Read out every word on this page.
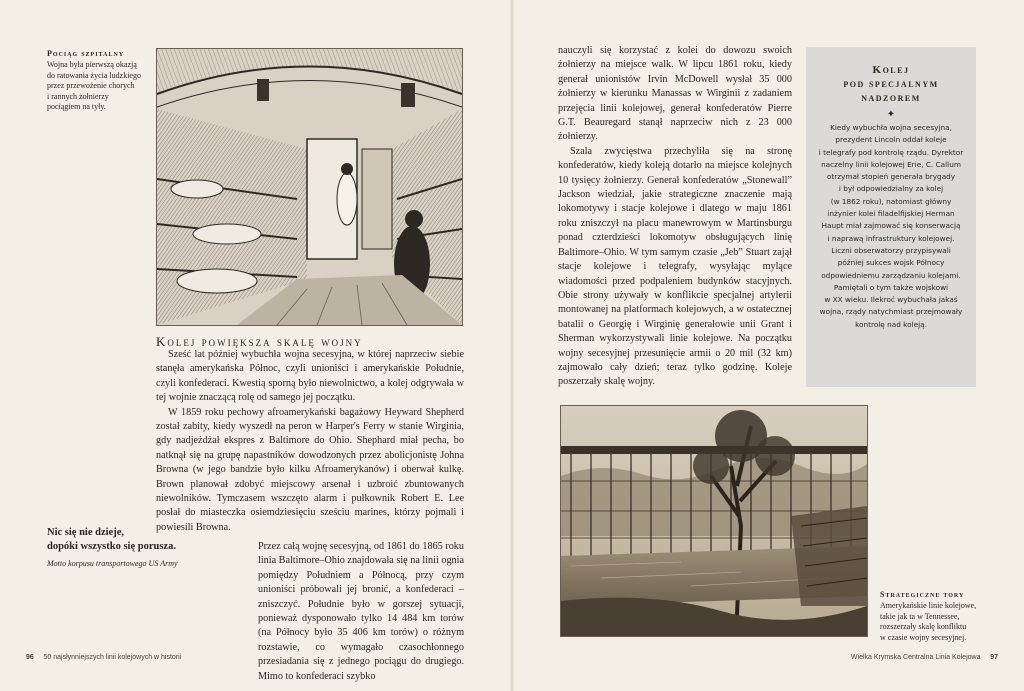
Pociąg szpitalny
Wojna była pierwszą okazją
do ratowania życia ludzkiego
przez przewożenie chorych
i rannych żołnierzy
pociągiem na tyły.
Kolej powiększa skalę wojny

Sześć lat później wybuchła wojna secesyjna, w której naprzeciw siebie stanęła amerykańska Północ, czyli unioniści i amerykańskie Południe, czyli konfederaci. Kwestią sporną było niewolnictwo, a kolej odgrywała w tej wojnie znaczącą rolę od samego jej początku.

W 1859 roku pechowy afroamerykański bagażowy Heyward Shepherd został zabity, kiedy wyszedł na peron w Harper's Ferry w stanie Wirginia, gdy nadjeżdżał ekspres z Baltimore do Ohio. Shephard miał pecha, bo natknął się na grupę napastników dowodzonych przez abolicjonistę Johna Browna (w jego bandzie było kilku Afroamerykanów) i oberwał kulkę. Brown planował zdobyć miejscowy arsenał i uzbroić zbuntowanych niewolników. Tymczasem wszczęto alarm i pułkownik Robert E. Lee posłał do miasteczka osiemdziesięciu sześciu marines, którzy pojmali i powiesili Browna.

Nic się nie dzieje,
dopóki wszystko się porusza.
Motto korpusu transportowego US Army

Przez całą wojnę secesyjną, od 1861 do 1865 roku linia Baltimore–Ohio znajdowała się na linii ognia pomiędzy Południem a Północą, przy czym unioniści próbowali jej bronić, a konfederaci – zniszczyć. Południe było w gorszej sytuacji, ponieważ dysponowało tylko 14 484 km torów (na Północy było 35 406 km torów) o różnym rozstawie, co wymagało czasochłonnego przesiadania się z jednego pociągu do drugiego. Mimo to konfederaci szybko

96 50 najsłynniejszych linii kolejowych w historii

nauczyli się korzystać z kolei do dowozu swoich żołnierzy na miejsce walk. W lipcu 1861 roku, kiedy generał unionistów Irvin McDowell wysłał 35 000 żołnierzy w kierunku Manassas w Wirginii z zadaniem przejęcia linii kolejowej, generał konfederatów Pierre G.T. Beauregard stanął naprzeciw nich z 23 000 żołnierzy.

Szala zwycięstwa przechyliła się na stronę konfederatów, kiedy koleją dotarło na miejsce kolejnych 10 tysięcy żołnierzy. Generał konfederatów „Stonewall” Jackson wiedział, jakie strategiczne znaczenie mają lokomotywy i stacje kolejowe i dlatego w maju 1861 roku zniszczył na placu manewrowym w Martinsburgu ponad czterdzieści lokomotyw obsługujących linię Baltimore–Ohio. W tym samym czasie „Jeb” Stuart zajął stacje kolejowe i telegrafy, wysyłając mylące wiadomości przed podpaleniem budynków stacyjnych. Obie strony używały w konflikcie specjalnej artylerii montowanej na platformach kolejowych, a w ostatecznej batalii o Georgię i Wirginię generałowie unii Grant i Sherman wykorzystywali linie kolejowe. Na początku wojny secesyjnej przesunięcie armii o 20 mil (32 km) zajmowało cały dzień; teraz tylko godzinę. Koleje poszerzały skalę wojny.

Kolej
pod specjalnym
nadzorem
✦
Kiedy wybuchła wojna secesyjna,
prezydent Lincoln oddał koleje
i telegrafy pod kontrolę rządu. Dyrektor
naczelny linii kolejowej Erie, C. Callum
otrzymał stopień generała brygady
i był odpowiedzialny za kolej
(w 1862 roku), natomiast główny
inżynier kolei filadelfijskiej Herman
Haupt miał zajmować się konserwacją
i naprawą infrastruktury kolejowej.
Liczni obserwatorzy przypisywali
później sukces wojsk Północy
odpowiedniemu zarządzaniu kolejami.
Pamiętali o tym także wojskowi
w XX wieku. Ilekroć wybuchała jakaś
wojna, rządy natychmiast przejmowały
kontrolę nad koleją.
Strategiczne tory
Amerykańskie linie kolejowe,
takie jak ta w Tennessee,
rozszerzały skalę konfliktu
w czasie wojny secesyjnej.
Wielka Krymska Centralna Linia Kolejowa 97
